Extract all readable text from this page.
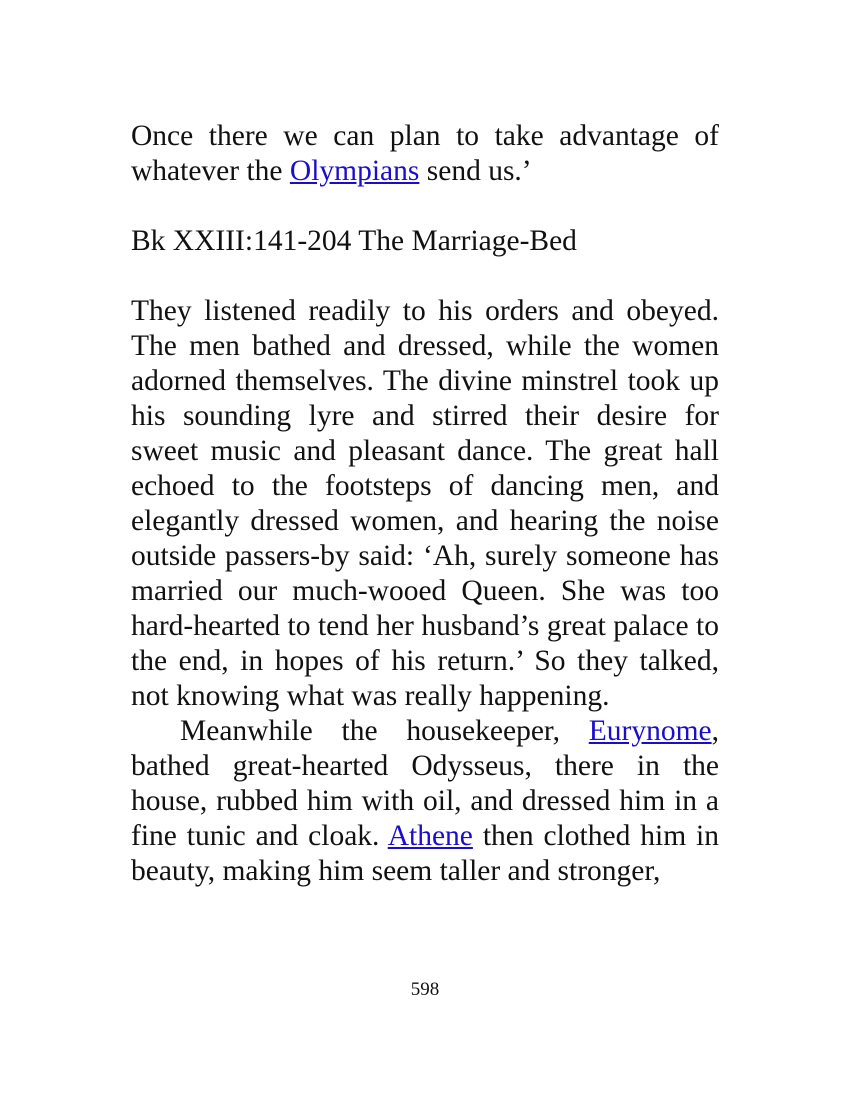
Once there we can plan to take advantage of whatever the Olympians send us.’

Bk XXIII:141-204 The Marriage-Bed

They listened readily to his orders and obeyed. The men bathed and dressed, while the women adorned themselves. The divine minstrel took up his sounding lyre and stirred their desire for sweet music and pleasant dance. The great hall echoed to the footsteps of dancing men, and elegantly dressed women, and hearing the noise outside passers-by said: ‘Ah, surely someone has married our much-wooed Queen. She was too hard-hearted to tend her husband’s great palace to the end, in hopes of his return.’ So they talked, not knowing what was really happening.

Meanwhile the housekeeper, Eurynome, bathed great-hearted Odysseus, there in the house, rubbed him with oil, and dressed him in a fine tunic and cloak. Athene then clothed him in beauty, making him seem taller and stronger,

598
